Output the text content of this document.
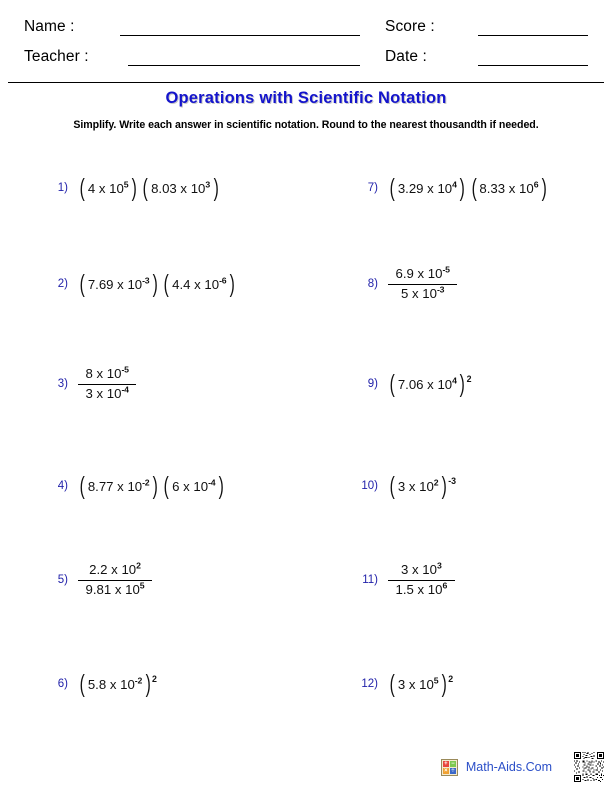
Name :	Score :
Teacher :	Date :
Operations with Scientific Notation
Simplify. Write each answer in scientific notation. Round to the nearest thousandth if needed.
1) ( 4 x $10^5$ ) ( 8.03 x $10^3$ )
2) ( 7.69 x $10^{-3}$ ) ( 4.4 x $10^{-6}$ )
$3) \frac{8 x 10^{-5}}{3 x 10^{-4}}$
4) ( 8.77 x $10^{-2}$ ) ( 6 x $10^{-4}$ )
$5) \frac{2.2 x 10^2}{9.81 x 10^5}$
6) ( 5.8 x $10^{-2}$ ) 2
7) ( 3.29 x $10^4$ ) ( 8.33 x $10^6$ )
$8) \frac{6.9 x 10^{-5}}{5 x 10^{-3}}$
9) ( 7.06 x $10^4$ ) 2
10) ( 3 x $10^2$ ) -3
$11) \frac{3 x 10^3}{1.5 x 10^6}$
12) ( 3 x $10^5$ ) 2
+ −
× ÷ Math-Aids.Com
